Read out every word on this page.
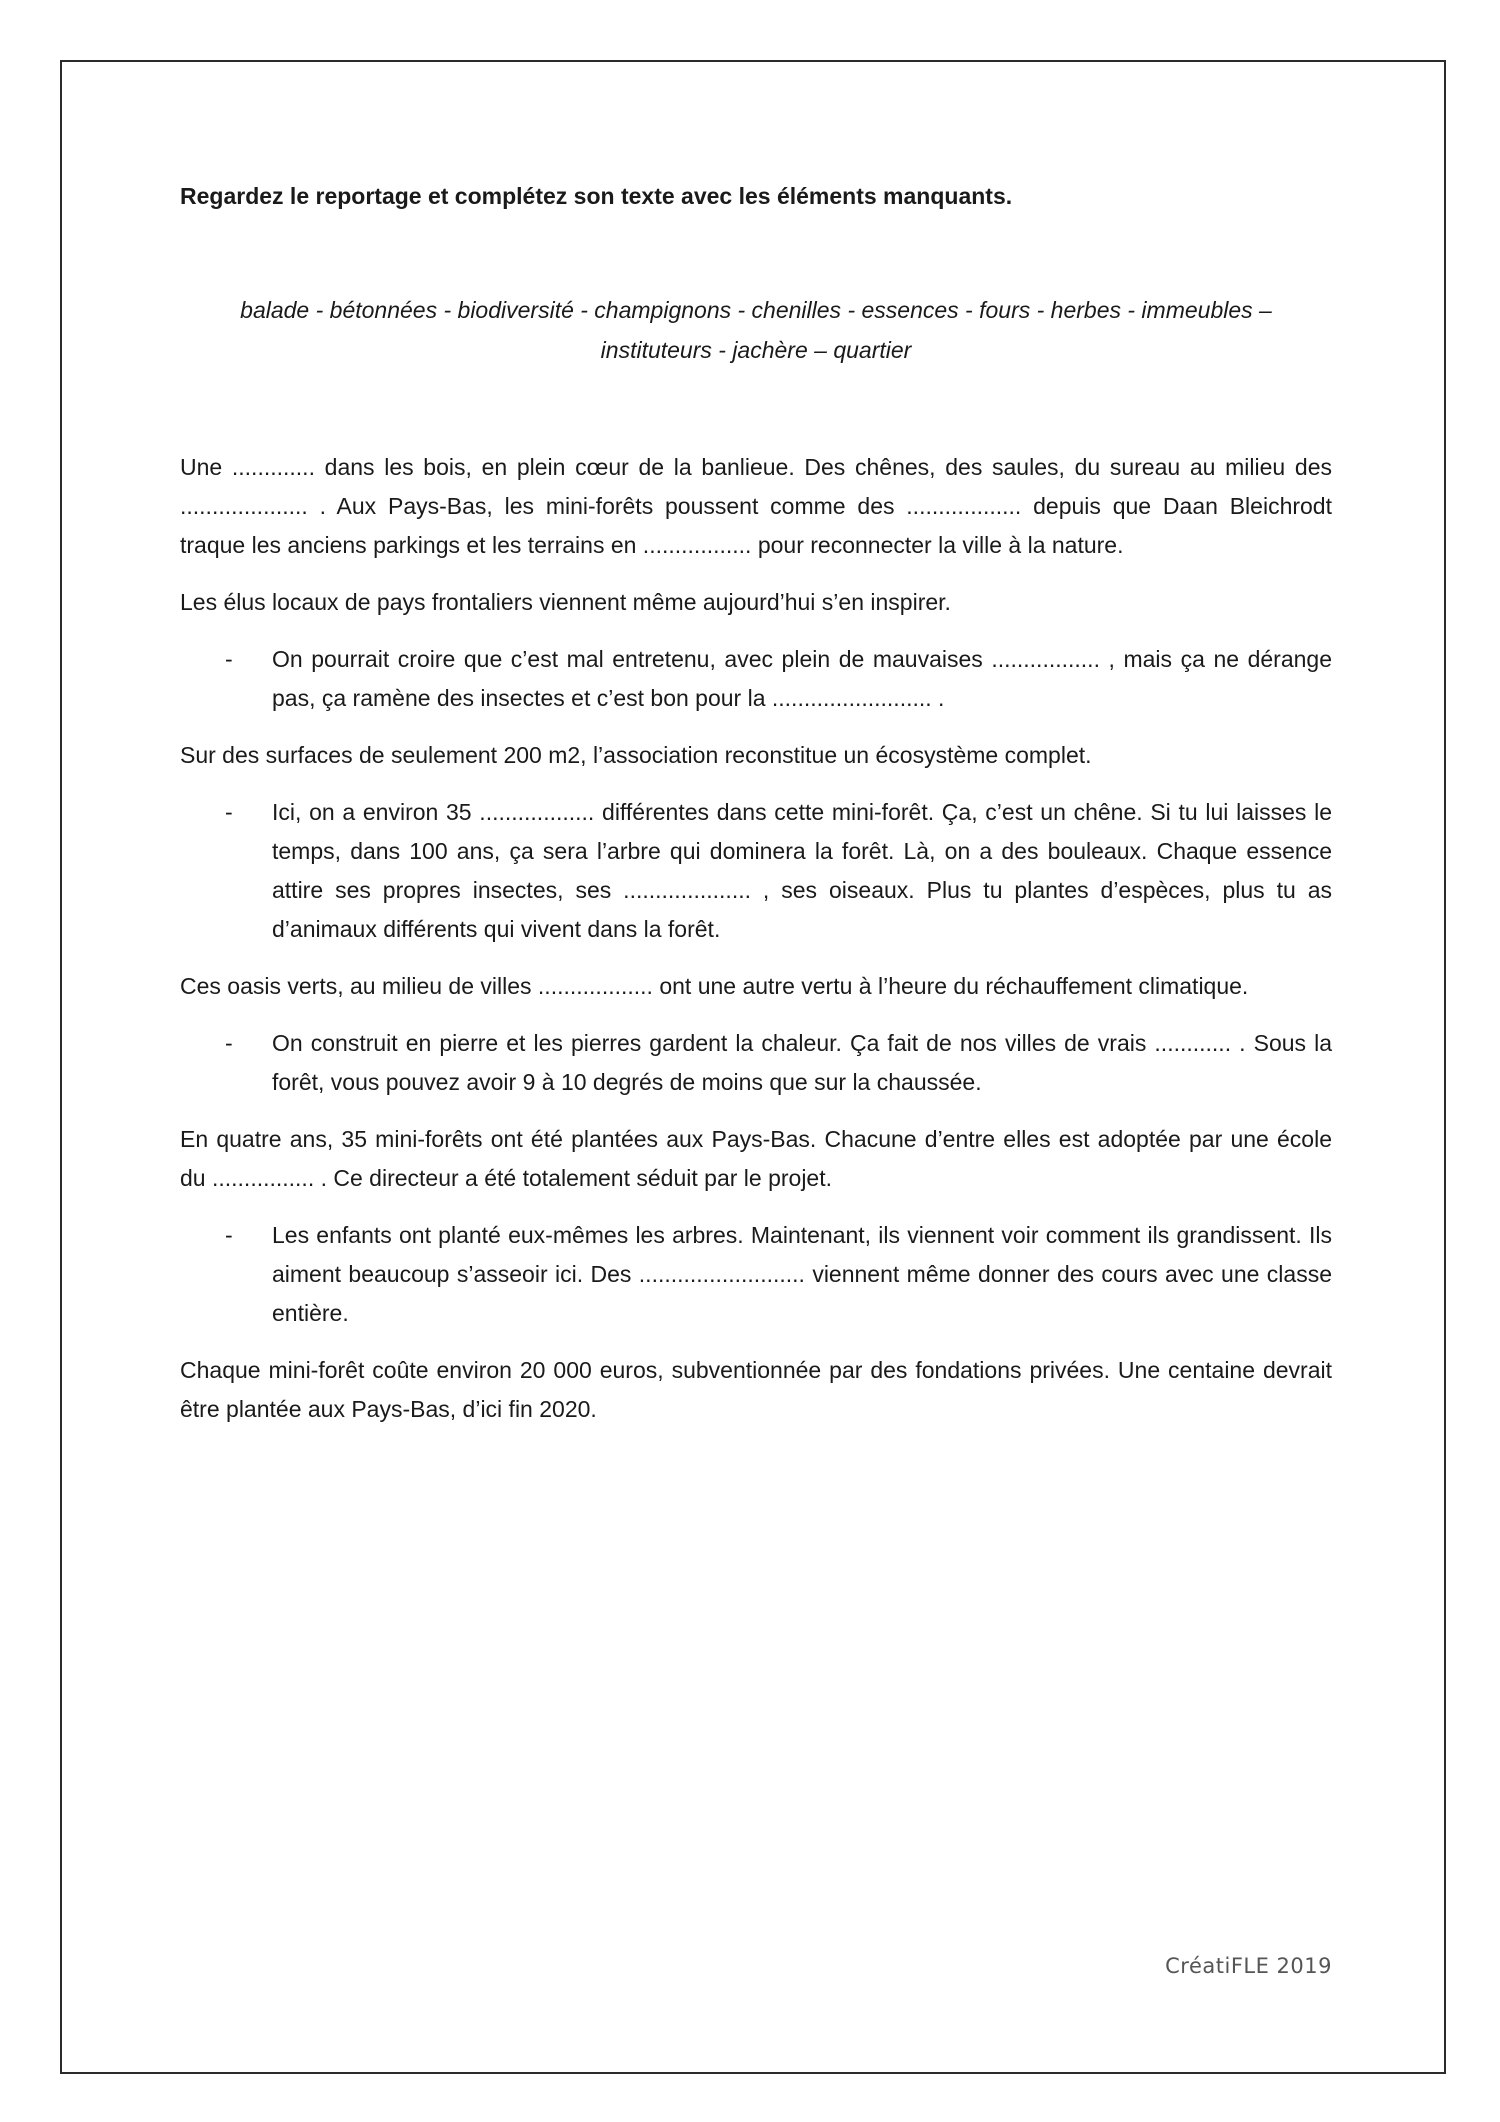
Regardez le reportage et complétez son texte avec les éléments manquants.

balade - bétonnées - biodiversité - champignons - chenilles - essences - fours - herbes - immeubles –
instituteurs - jachère – quartier

Une ............. dans les bois, en plein cœur de la banlieue. Des chênes, des saules, du sureau au milieu des .................... . Aux Pays-Bas, les mini-forêts poussent comme des .................. depuis que Daan Bleichrodt traque les anciens parkings et les terrains en ................. pour reconnecter la ville à la nature.

Les élus locaux de pays frontaliers viennent même aujourd’hui s’en inspirer.

- On pourrait croire que c’est mal entretenu, avec plein de mauvaises ................. , mais ça ne dérange pas, ça ramène des insectes et c’est bon pour la ......................... .

Sur des surfaces de seulement 200 m2, l’association reconstitue un écosystème complet.

- Ici, on a environ 35 .................. différentes dans cette mini-forêt. Ça, c’est un chêne. Si tu lui laisses le temps, dans 100 ans, ça sera l’arbre qui dominera la forêt. Là, on a des bouleaux. Chaque essence attire ses propres insectes, ses .................... , ses oiseaux. Plus tu plantes d’espèces, plus tu as d’animaux différents qui vivent dans la forêt.

Ces oasis verts, au milieu de villes .................. ont une autre vertu à l’heure du réchauffement climatique.

- On construit en pierre et les pierres gardent la chaleur. Ça fait de nos villes de vrais ............ . Sous la forêt, vous pouvez avoir 9 à 10 degrés de moins que sur la chaussée.

En quatre ans, 35 mini-forêts ont été plantées aux Pays-Bas. Chacune d’entre elles est adoptée par une école du ................ . Ce directeur a été totalement séduit par le projet.

- Les enfants ont planté eux-mêmes les arbres. Maintenant, ils viennent voir comment ils grandissent. Ils aiment beaucoup s’asseoir ici. Des .......................... viennent même donner des cours avec une classe entière.

Chaque mini-forêt coûte environ 20 000 euros, subventionnée par des fondations privées. Une centaine devrait être plantée aux Pays-Bas, d’ici fin 2020.

CréatiFLE 2019
